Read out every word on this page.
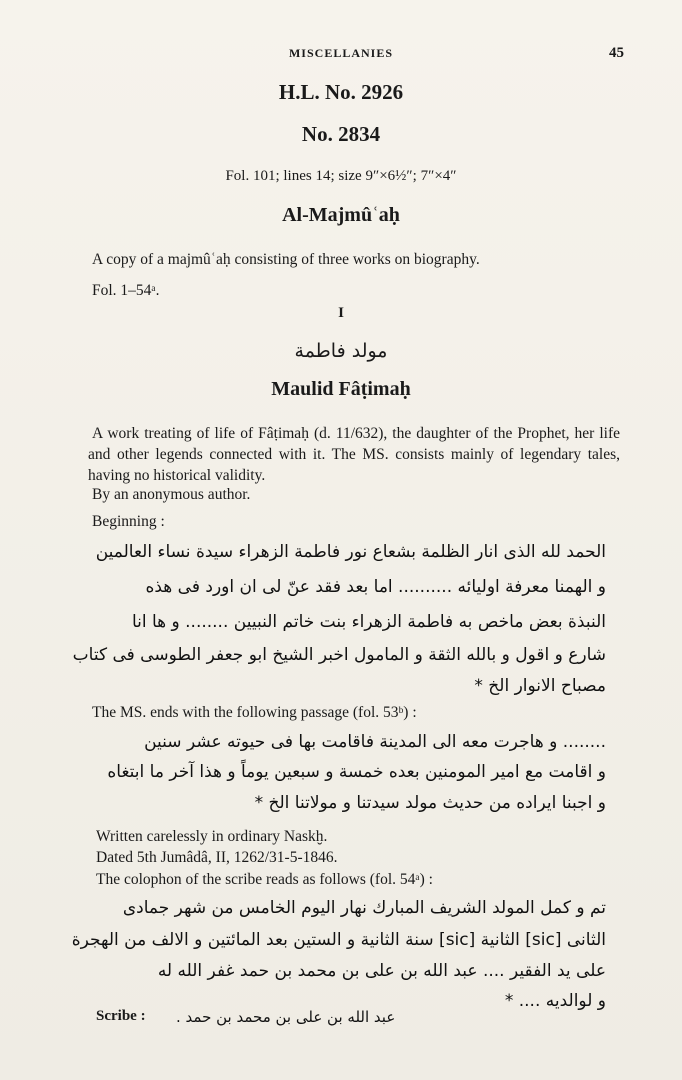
MISCELLANIES	45
H.L. No. 2926
No. 2834
Fol. 101; lines 14; size 9″×6½″; 7″×4″
Al-Majmûʿaḥ
A copy of a majmûʿaḥ consisting of three works on biography.
Fol. 1–54ᵃ.
I
مولد فاطمة
Maulid Fâṭimaḥ
A work treating of life of Fâṭimaḥ (d. 11/632), the daughter of the Prophet, her life and other legends connected with it. The MS. consists mainly of legendary tales, having no historical validity.
By an anonymous author.
Beginning :
الحمد لله الذى انار الظلمة بشعاع نور فاطمة الزهراء سيدة نساء العالمين
و الهمنا معرفة اوليائه .......... اما بعد فقد عنّ لى ان اورد فى هذه
النبذة بعض ماخص به فاطمة الزهراء بنت خاتم النبيين ........ و ها انا
شارع و اقول و بالله الثقة و المامول اخبر الشيخ ابو جعفر الطوسى فى كتاب
مصباح الانوار الخ *
The MS. ends with the following passage (fol. 53ᵇ) :
........ و هاجرت معه الى المدينة فاقامت بها فى حيوته عشر سنين
و اقامت مع امير المومنين بعده خمسة و سبعين يوماً و هذا آخر ما ابتغاه
و اجبنا ايراده من حديث مولد سيدتنا و مولاتنا الخ *
Written carelessly in ordinary Naskḫ.
Dated 5th Jumâdâ, II, 1262/31-5-1846.
The colophon of the scribe reads as follows (fol. 54ᵃ) :
تم و كمل المولد الشريف المبارك نهار اليوم الخامس من شهر جمادى
الثانى [sic] الثانية [sic] سنة الثانية و الستين بعد المائتين و الالف من الهجرة
على يد الفقير .... عبد الله بن على بن محمد بن حمد غفر الله له
و لوالديه .... *
Scribe : عبد الله بن على بن محمد بن حمد .
